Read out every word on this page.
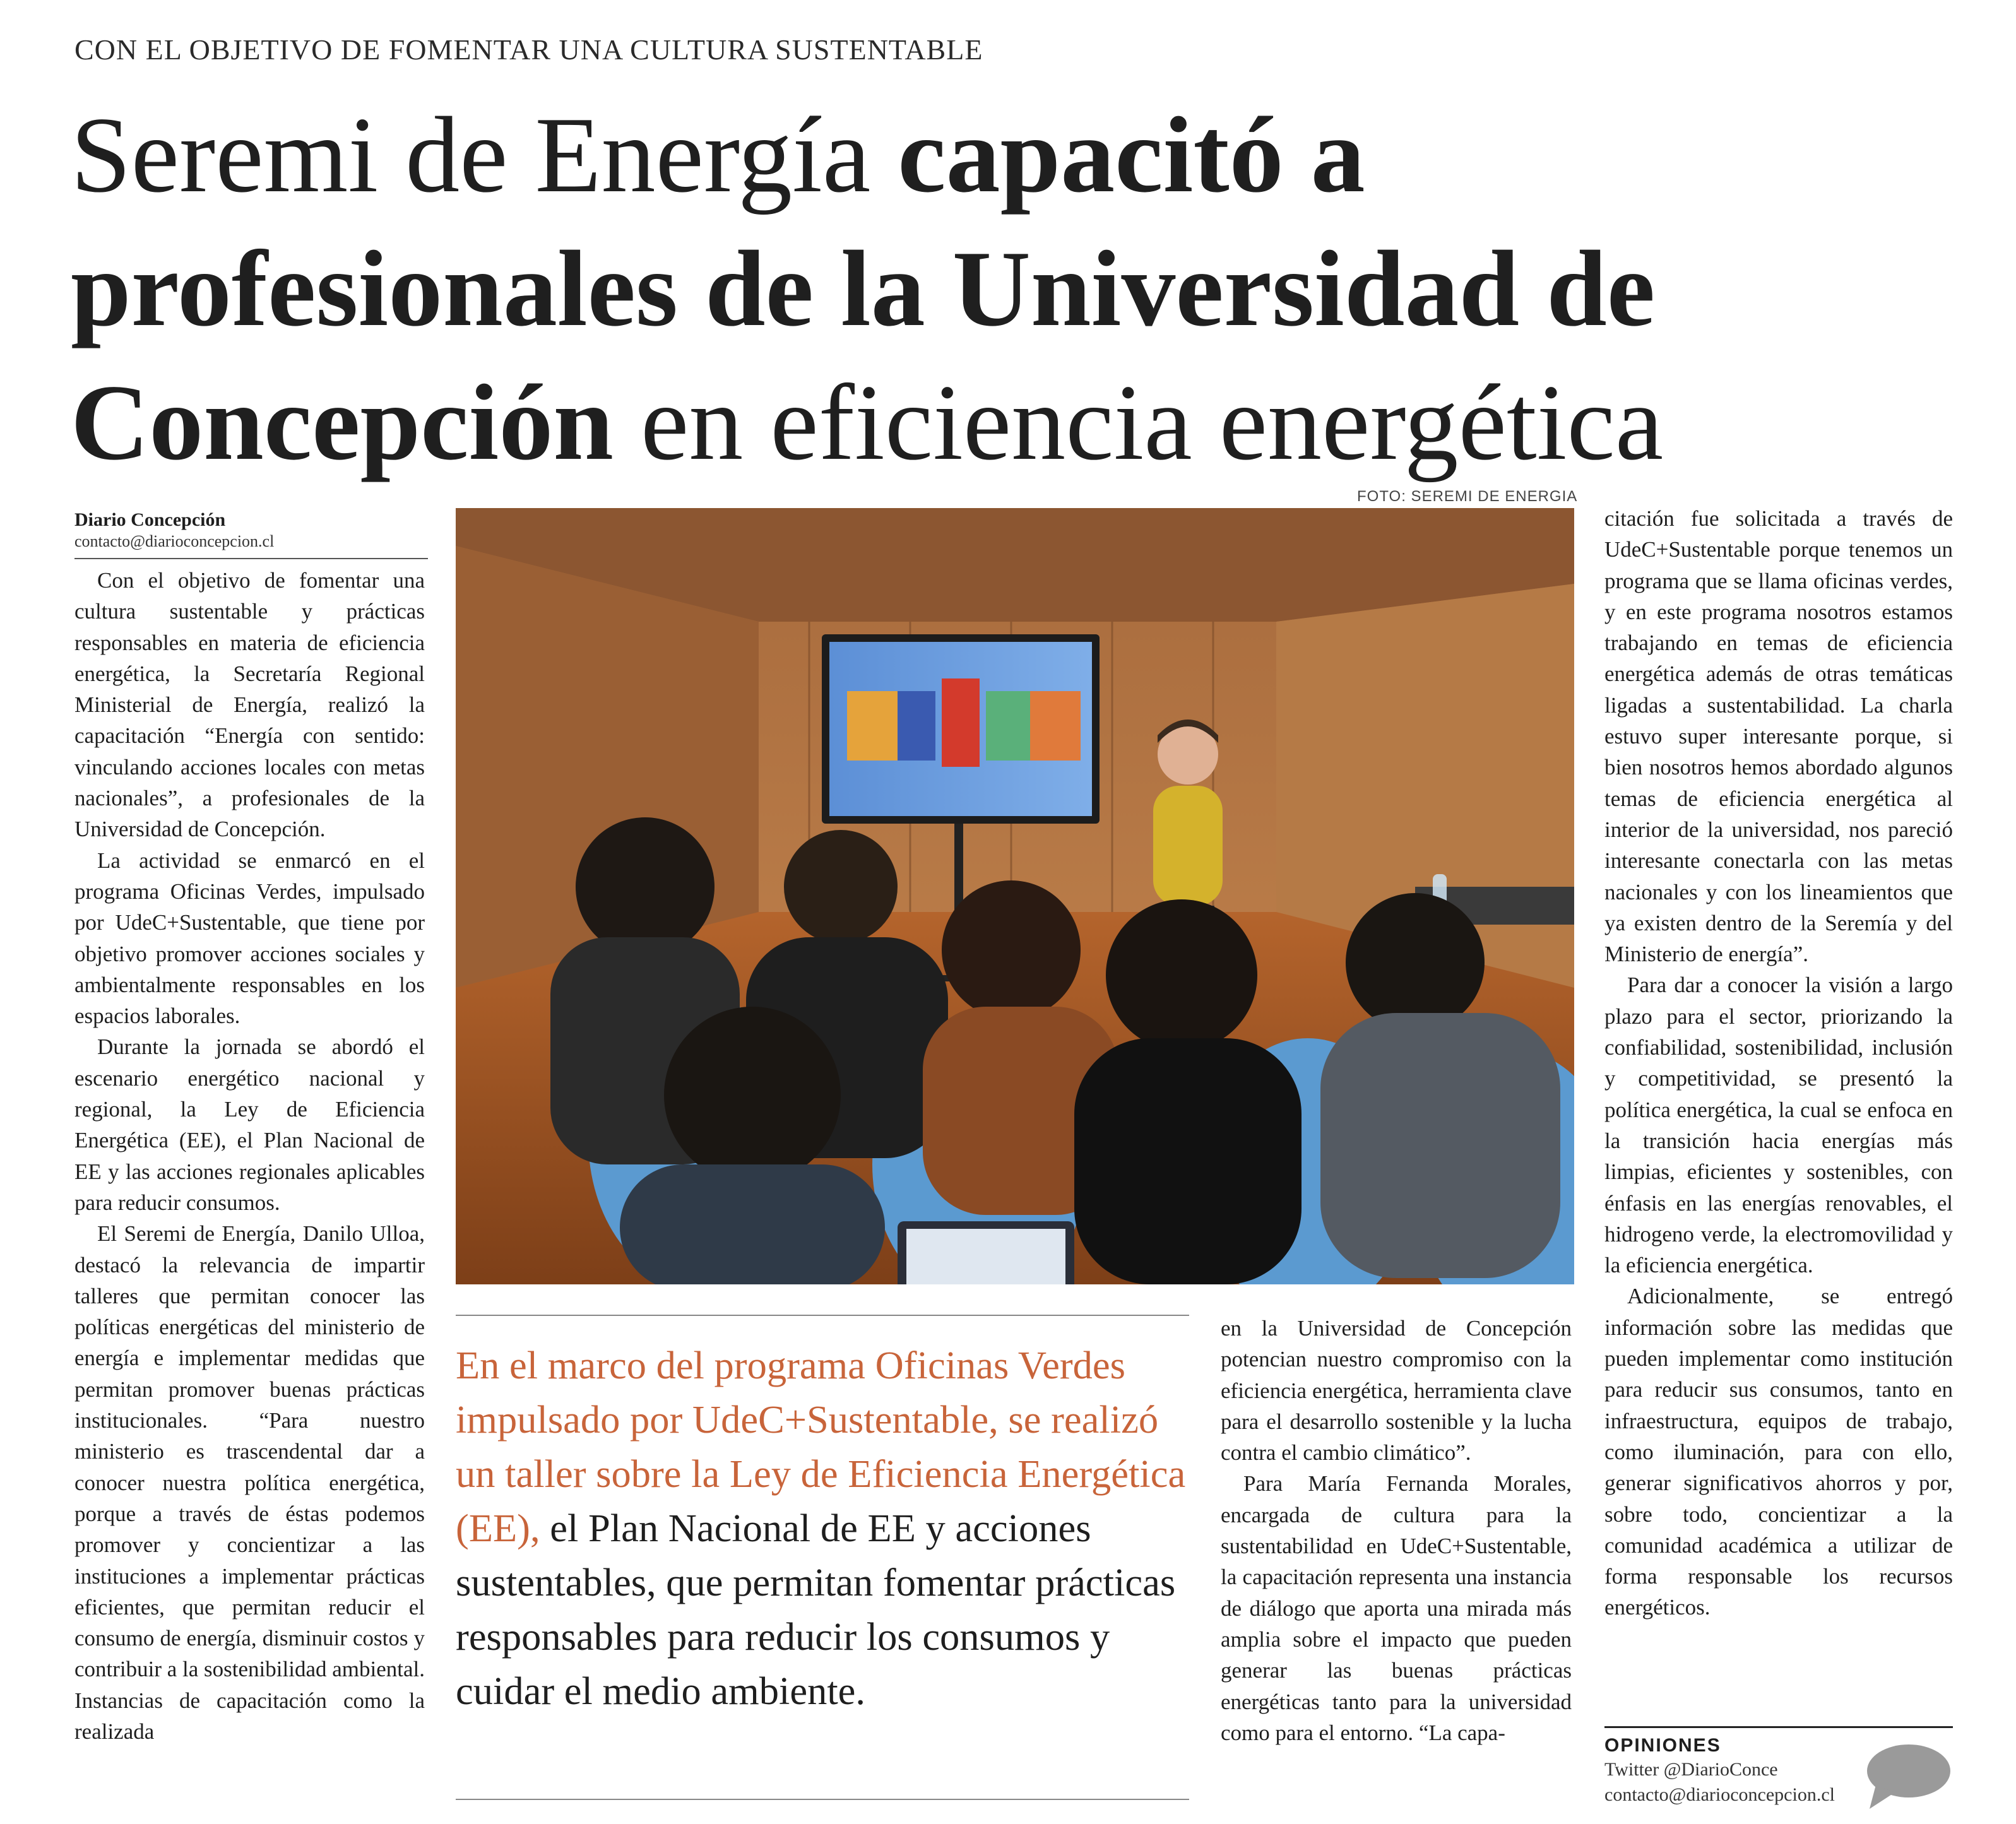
CON EL OBJETIVO DE FOMENTAR UNA CULTURA SUSTENTABLE
Seremi de Energía capacitó a profesionales de la Universidad de Concepción en eficiencia energética
Diario Concepción
contacto@diarioconcepcion.cl

Con el objetivo de fomentar una cultura sustentable y prácticas responsables en materia de eficiencia energética, la Secretaría Regional Ministerial de Energía, realizó la capacitación “Energía con sentido: vinculando acciones locales con metas nacionales”, a profesionales de la Universidad de Concepción.

La actividad se enmarcó en el programa Oficinas Verdes, impulsado por UdeC+Sustentable, que tiene por objetivo promover acciones sociales y ambientalmente responsables en los espacios laborales.

Durante la jornada se abordó el escenario energético nacional y regional, la Ley de Eficiencia Energética (EE), el Plan Nacional de EE y las acciones regionales aplicables para reducir consumos.

El Seremi de Energía, Danilo Ulloa, destacó la relevancia de impartir talleres que permitan conocer las políticas energéticas del ministerio de energía e implementar medidas que permitan promover buenas prácticas institucionales. “Para nuestro ministerio es trascendental dar a conocer nuestra política energética, porque a través de éstas podemos promover y concientizar a las instituciones a implementar prácticas eficientes, que permitan reducir el consumo de energía, disminuir costos y contribuir a la sostenibilidad ambiental. Instancias de capacitación como la realizada

FOTO: SEREMI DE ENERGIA
En el marco del programa Oficinas Verdes impulsado por UdeC+Sustentable, se realizó un taller sobre la Ley de Eficiencia Energética (EE), el Plan Nacional de EE y acciones sustentables, que permitan fomentar prácticas responsables para reducir los consumos y cuidar el medio ambiente.

en la Universidad de Concepción potencian nuestro compromiso con la eficiencia energética, herramienta clave para el desarrollo sostenible y la lucha contra el cambio climático”.

Para María Fernanda Morales, encargada de cultura para la sustentabilidad en UdeC+Sustentable, la capacitación representa una instancia de diálogo que aporta una mirada más amplia sobre el impacto que pueden generar las buenas prácticas energéticas tanto para la universidad como para el entorno. “La capa-

citación fue solicitada a través de UdeC+Sustentable porque tenemos un programa que se llama oficinas verdes, y en este programa nosotros estamos trabajando en temas de eficiencia energética además de otras temáticas ligadas a sustentabilidad. La charla estuvo super interesante porque, si bien nosotros hemos abordado algunos temas de eficiencia energética al interior de la universidad, nos pareció interesante conectarla con las metas nacionales y con los lineamientos que ya existen dentro de la Seremía y del Ministerio de energía”.

Para dar a conocer la visión a largo plazo para el sector, priorizando la confiabilidad, sostenibilidad, inclusión y competitividad, se presentó la política energética, la cual se enfoca en la transición hacia energías más limpias, eficientes y sostenibles, con énfasis en las energías renovables, el hidrogeno verde, la electromovilidad y la eficiencia energética.

Adicionalmente, se entregó información sobre las medidas que pueden implementar como institución para reducir sus consumos, tanto en infraestructura, equipos de trabajo, como iluminación, para con ello, generar significativos ahorros y por, sobre todo, concientizar a la comunidad académica a utilizar de forma responsable los recursos energéticos.

OPINIONES
Twitter @DiarioConce
contacto@diarioconcepcion.cl
